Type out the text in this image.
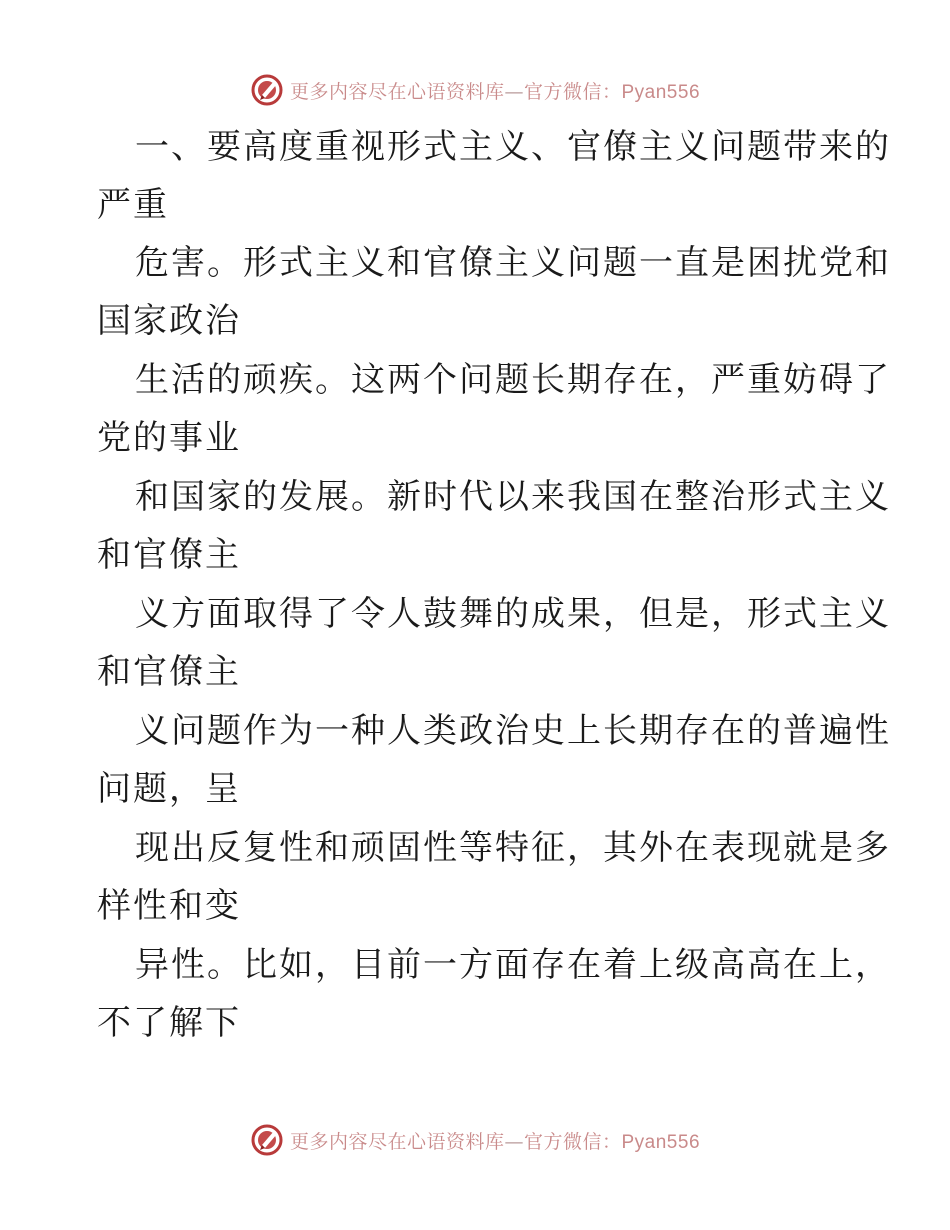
更多内容尽在心语资料库—官方微信：Pyan556
一、要高度重视形式主义、官僚主义问题带来的
严重
危害。形式主义和官僚主义问题一直是困扰党和
国家政治
生活的顽疾。这两个问题长期存在，严重妨碍了
党的事业
和国家的发展。新时代以来我国在整治形式主义
和官僚主
义方面取得了令人鼓舞的成果，但是，形式主义
和官僚主
义问题作为一种人类政治史上长期存在的普遍性
问题，呈
现出反复性和顽固性等特征，其外在表现就是多
样性和变
异性。比如，目前一方面存在着上级高高在上，
不了解下
更多内容尽在心语资料库—官方微信：Pyan556
